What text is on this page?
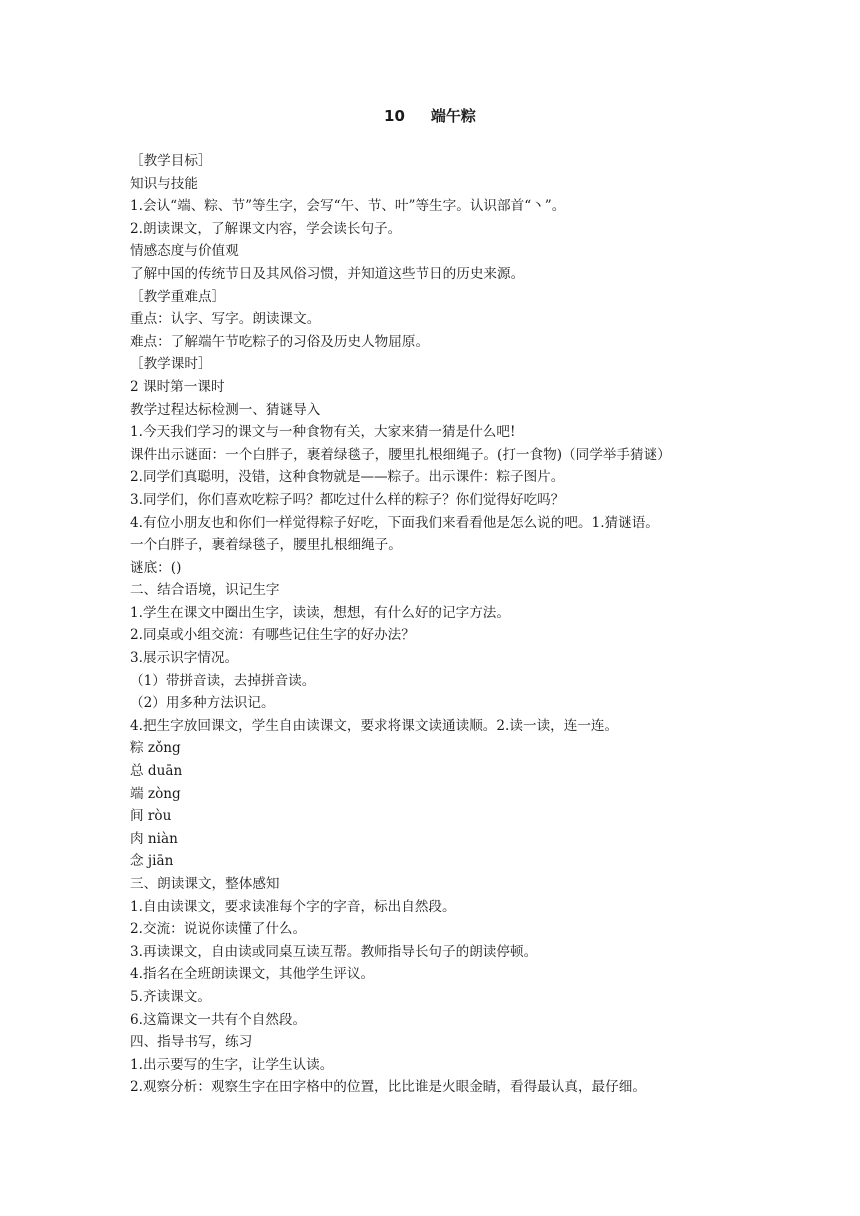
10 端午粽
［教学目标］
知识与技能
1.会认“端、粽、节”等生字，会写“午、节、叶”等生字。认识部首“丶”。
2.朗读课文，了解课文内容，学会读长句子。
情感态度与价值观
了解中国的传统节日及其风俗习惯，并知道这些节日的历史来源。
［教学重难点］
重点：认字、写字。朗读课文。
难点：了解端午节吃粽子的习俗及历史人物屈原。
［教学课时］
2 课时第一课时
教学过程达标检测一、猜谜导入
1.今天我们学习的课文与一种食物有关，大家来猜一猜是什么吧!
课件出示谜面：一个白胖子，裹着绿毯子，腰里扎根细绳子。(打一食物)（同学举手猜谜）
2.同学们真聪明，没错，这种食物就是——粽子。出示课件：粽子图片。
3.同学们，你们喜欢吃粽子吗？都吃过什么样的粽子？你们觉得好吃吗？
4.有位小朋友也和你们一样觉得粽子好吃，下面我们来看看他是怎么说的吧。1.猜谜语。
一个白胖子，裹着绿毯子，腰里扎根细绳子。
谜底：()
二、结合语境，识记生字
1.学生在课文中圈出生字，读读，想想，有什么好的记字方法。
2.同桌或小组交流：有哪些记住生字的好办法？
3.展示识字情况。
（1）带拼音读，去掉拼音读。
（2）用多种方法识记。
4.把生字放回课文，学生自由读课文，要求将课文读通读顺。2.读一读，连一连。
粽 zǒng
总 duān
端 zòng
间 ròu
肉 niàn
念 jiān
三、朗读课文，整体感知
1.自由读课文，要求读准每个字的字音，标出自然段。
2.交流：说说你读懂了什么。
3.再读课文，自由读或同桌互读互帮。教师指导长句子的朗读停顿。
4.指名在全班朗读课文，其他学生评议。
5.齐读课文。
6.这篇课文一共有个自然段。
四、指导书写，练习
1.出示要写的生字，让学生认读。
2.观察分析：观察生字在田字格中的位置，比比谁是火眼金睛，看得最认真，最仔细。
